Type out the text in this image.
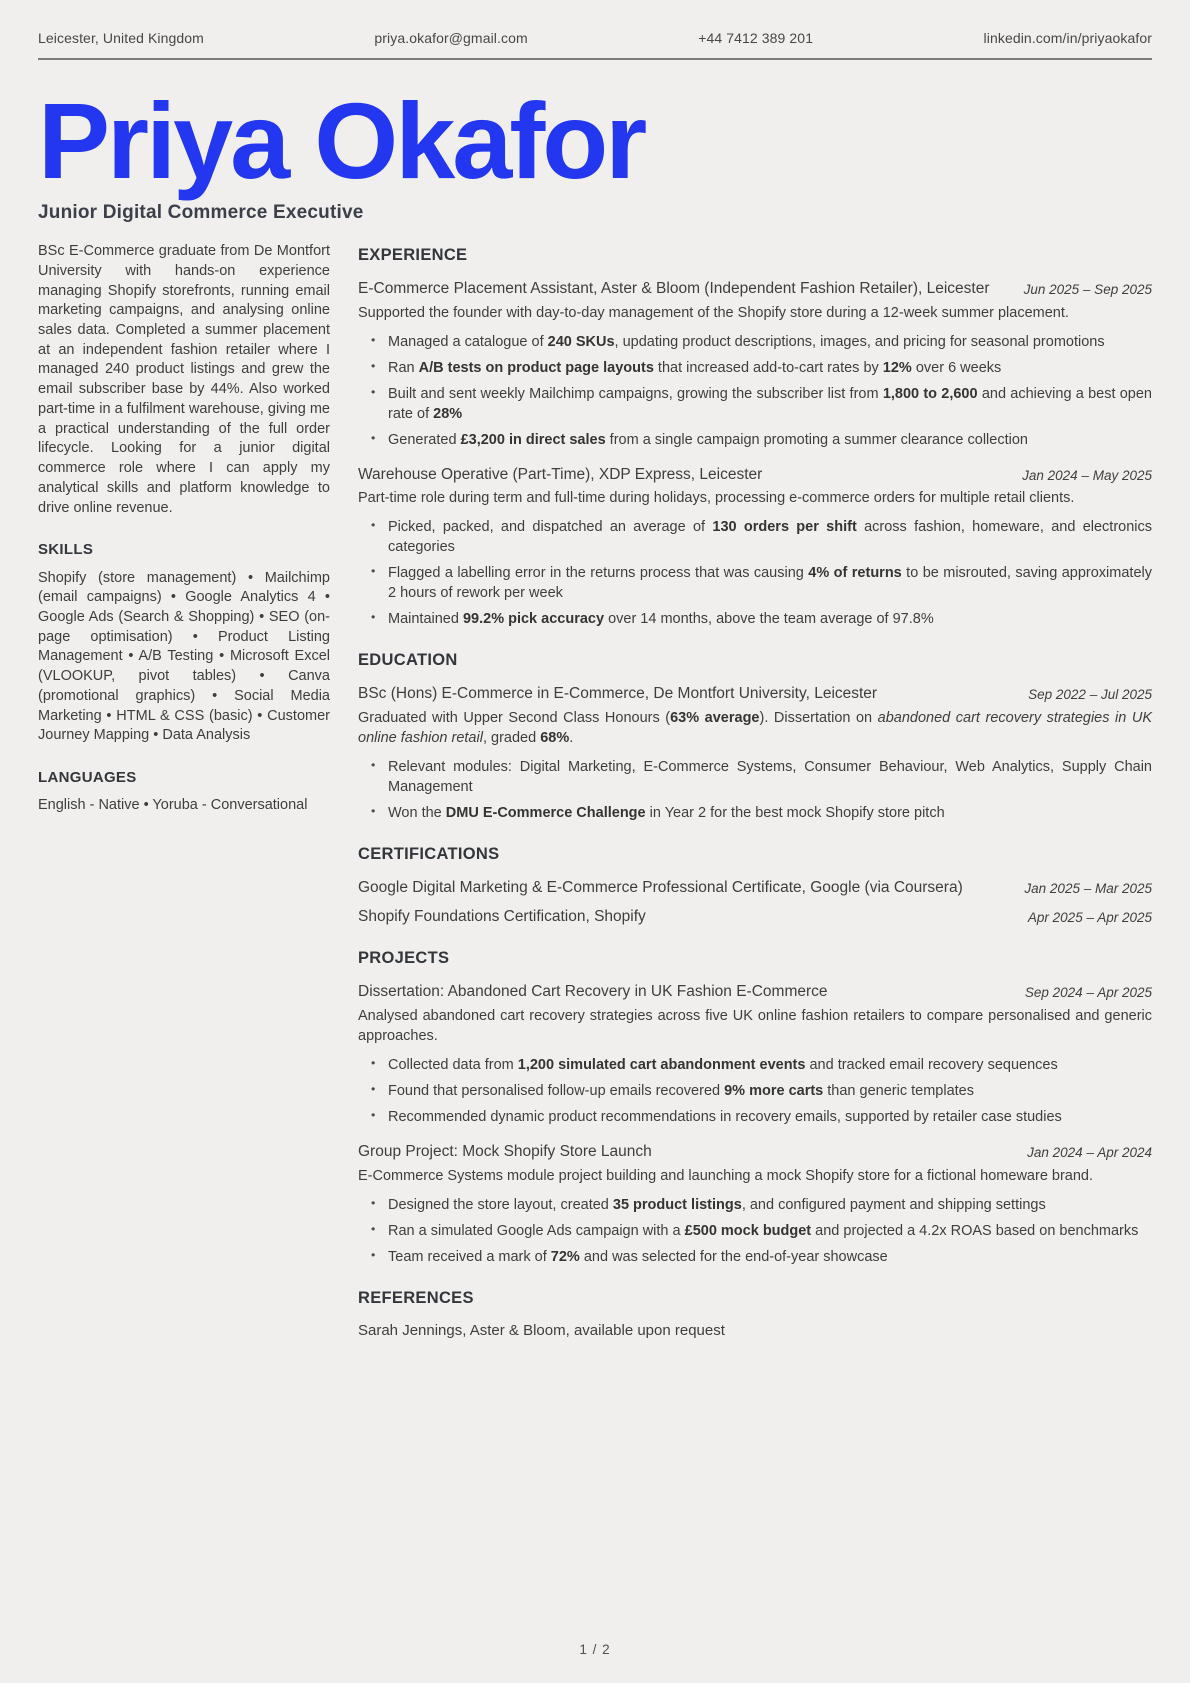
Leicester, United Kingdom	priya.okafor@gmail.com	+44 7412 389 201	linkedin.com/in/priyaokafor
Priya Okafor
Junior Digital Commerce Executive

BSc E-Commerce graduate from De Montfort University with hands-on experience managing Shopify storefronts, running email marketing campaigns, and analysing online sales data. Completed a summer placement at an independent fashion retailer where I managed 240 product listings and grew the email subscriber base by 44%. Also worked part-time in a fulfilment warehouse, giving me a practical understanding of the full order lifecycle. Looking for a junior digital commerce role where I can apply my analytical skills and platform knowledge to drive online revenue.

SKILLS

Shopify (store management) • Mailchimp (email campaigns) • Google Analytics 4 • Google Ads (Search & Shopping) • SEO (on-page optimisation) • Product Listing Management • A/B Testing • Microsoft Excel (VLOOKUP, pivot tables) • Canva (promotional graphics) • Social Media Marketing • HTML & CSS (basic) • Customer Journey Mapping • Data Analysis

LANGUAGES

English - Native • Yoruba - Conversational

EXPERIENCE
E-Commerce Placement Assistant, Aster & Bloom (Independent Fashion Retailer), Leicester	Jun 2025 – Sep 2025
Supported the founder with day-to-day management of the Shopify store during a 12-week summer placement.
• Managed a catalogue of 240 SKUs, updating product descriptions, images, and pricing for seasonal promotions
• Ran A/B tests on product page layouts that increased add-to-cart rates by 12% over 6 weeks
• Built and sent weekly Mailchimp campaigns, growing the subscriber list from 1,800 to 2,600 and achieving a best open rate of 28%
• Generated £3,200 in direct sales from a single campaign promoting a summer clearance collection
Warehouse Operative (Part-Time), XDP Express, Leicester	Jan 2024 – May 2025
Part-time role during term and full-time during holidays, processing e-commerce orders for multiple retail clients.
• Picked, packed, and dispatched an average of 130 orders per shift across fashion, homeware, and electronics categories
• Flagged a labelling error in the returns process that was causing 4% of returns to be misrouted, saving approximately 2 hours of rework per week
• Maintained 99.2% pick accuracy over 14 months, above the team average of 97.8%
EDUCATION
BSc (Hons) E-Commerce in E-Commerce, De Montfort University, Leicester	Sep 2022 – Jul 2025
Graduated with Upper Second Class Honours (63% average). Dissertation on abandoned cart recovery strategies in UK online fashion retail, graded 68%.
• Relevant modules: Digital Marketing, E-Commerce Systems, Consumer Behaviour, Web Analytics, Supply Chain Management
• Won the DMU E-Commerce Challenge in Year 2 for the best mock Shopify store pitch
CERTIFICATIONS
Google Digital Marketing & E-Commerce Professional Certificate, Google (via Coursera)	Jan 2025 – Mar 2025
Shopify Foundations Certification, Shopify	Apr 2025 – Apr 2025
PROJECTS
Dissertation: Abandoned Cart Recovery in UK Fashion E-Commerce	Sep 2024 – Apr 2025
Analysed abandoned cart recovery strategies across five UK online fashion retailers to compare personalised and generic approaches.
• Collected data from 1,200 simulated cart abandonment events and tracked email recovery sequences
• Found that personalised follow-up emails recovered 9% more carts than generic templates
• Recommended dynamic product recommendations in recovery emails, supported by retailer case studies
Group Project: Mock Shopify Store Launch	Jan 2024 – Apr 2024
E-Commerce Systems module project building and launching a mock Shopify store for a fictional homeware brand.
• Designed the store layout, created 35 product listings, and configured payment and shipping settings
• Ran a simulated Google Ads campaign with a £500 mock budget and projected a 4.2x ROAS based on benchmarks
• Team received a mark of 72% and was selected for the end-of-year showcase
REFERENCES

Sarah Jennings, Aster & Bloom, available upon request

1 / 2
